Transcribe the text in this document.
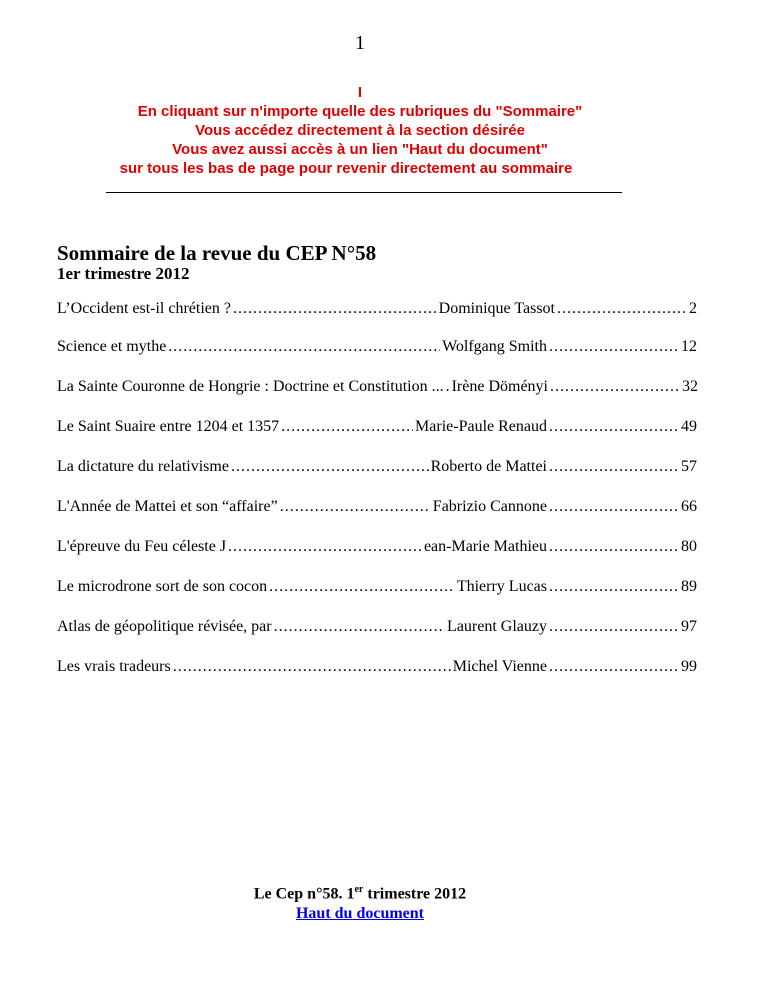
1
I
En cliquant sur n'importe quelle des rubriques du "Sommaire"
Vous accédez directement à la section désirée
Vous avez aussi accès à un lien "Haut du document"
sur tous les bas de page pour revenir directement au sommaire
Sommaire de la revue du CEP N°58
1er trimestre 2012
L’Occident est-il chrétien ? .....	Dominique Tassot .....	2
Science et mythe .....	Wolfgang Smith .....	12
La Sainte Couronne de Hongrie : Doctrine et Constitution ... ..... Irène Döményi .....	32
Le Saint Suaire entre 1204 et 1357 .....	Marie-Paule Renaud .....	49
La dictature du relativisme .....	Roberto de Mattei .....	57
L'Année de Mattei et son “affaire” .....	Fabrizio Cannone .....	66
L'épreuve du Feu céleste J .....	ean-Marie Mathieu .....	80
Le microdrone sort de son cocon .....	Thierry Lucas .....	89
Atlas de géopolitique révisée, par .....	Laurent Glauzy .....	97
Les vrais tradeurs .....	Michel Vienne .....	99
Le Cep n°58. 1er trimestre 2012
Haut du document
